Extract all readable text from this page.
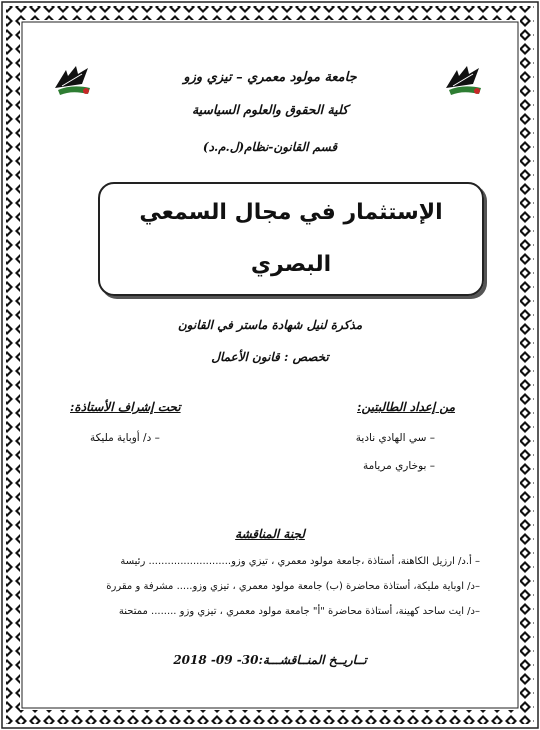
جامعة مولود معمري – تيزي وزو
كلية الحقوق والعلوم السياسية
قسم القانون-نظام(ل.م.د)
الإستثمار في مجال السمعي
البصري
مذكرة لنيل شهادة ماستر في القانون
تخصص : قانون الأعمال
من إعداد الطالبتين:
تحت إشراف الأستاذة:
– سي الهادي نادية
– بوخاري مريامة
– د/ أوباية مليكة
لجنة المناقشة
– أ.د/ ارزيل الكاهنة، أستاذة ،جامعة مولود معمري ، تيزي وزو.......................... رئيسة
–د/ اوباية مليكة، أستاذة محاضرة (ب) جامعة مولود معمري ، تيزي وزو..... مشرفة و مقررة
–د/ ايت ساحد كهينة، أستاذة محاضرة "أ" جامعة مولود معمري ، تيزي وزو ........ ممتحنة
تــاريــخ المنــاقشـــة:30- 09- 2018
